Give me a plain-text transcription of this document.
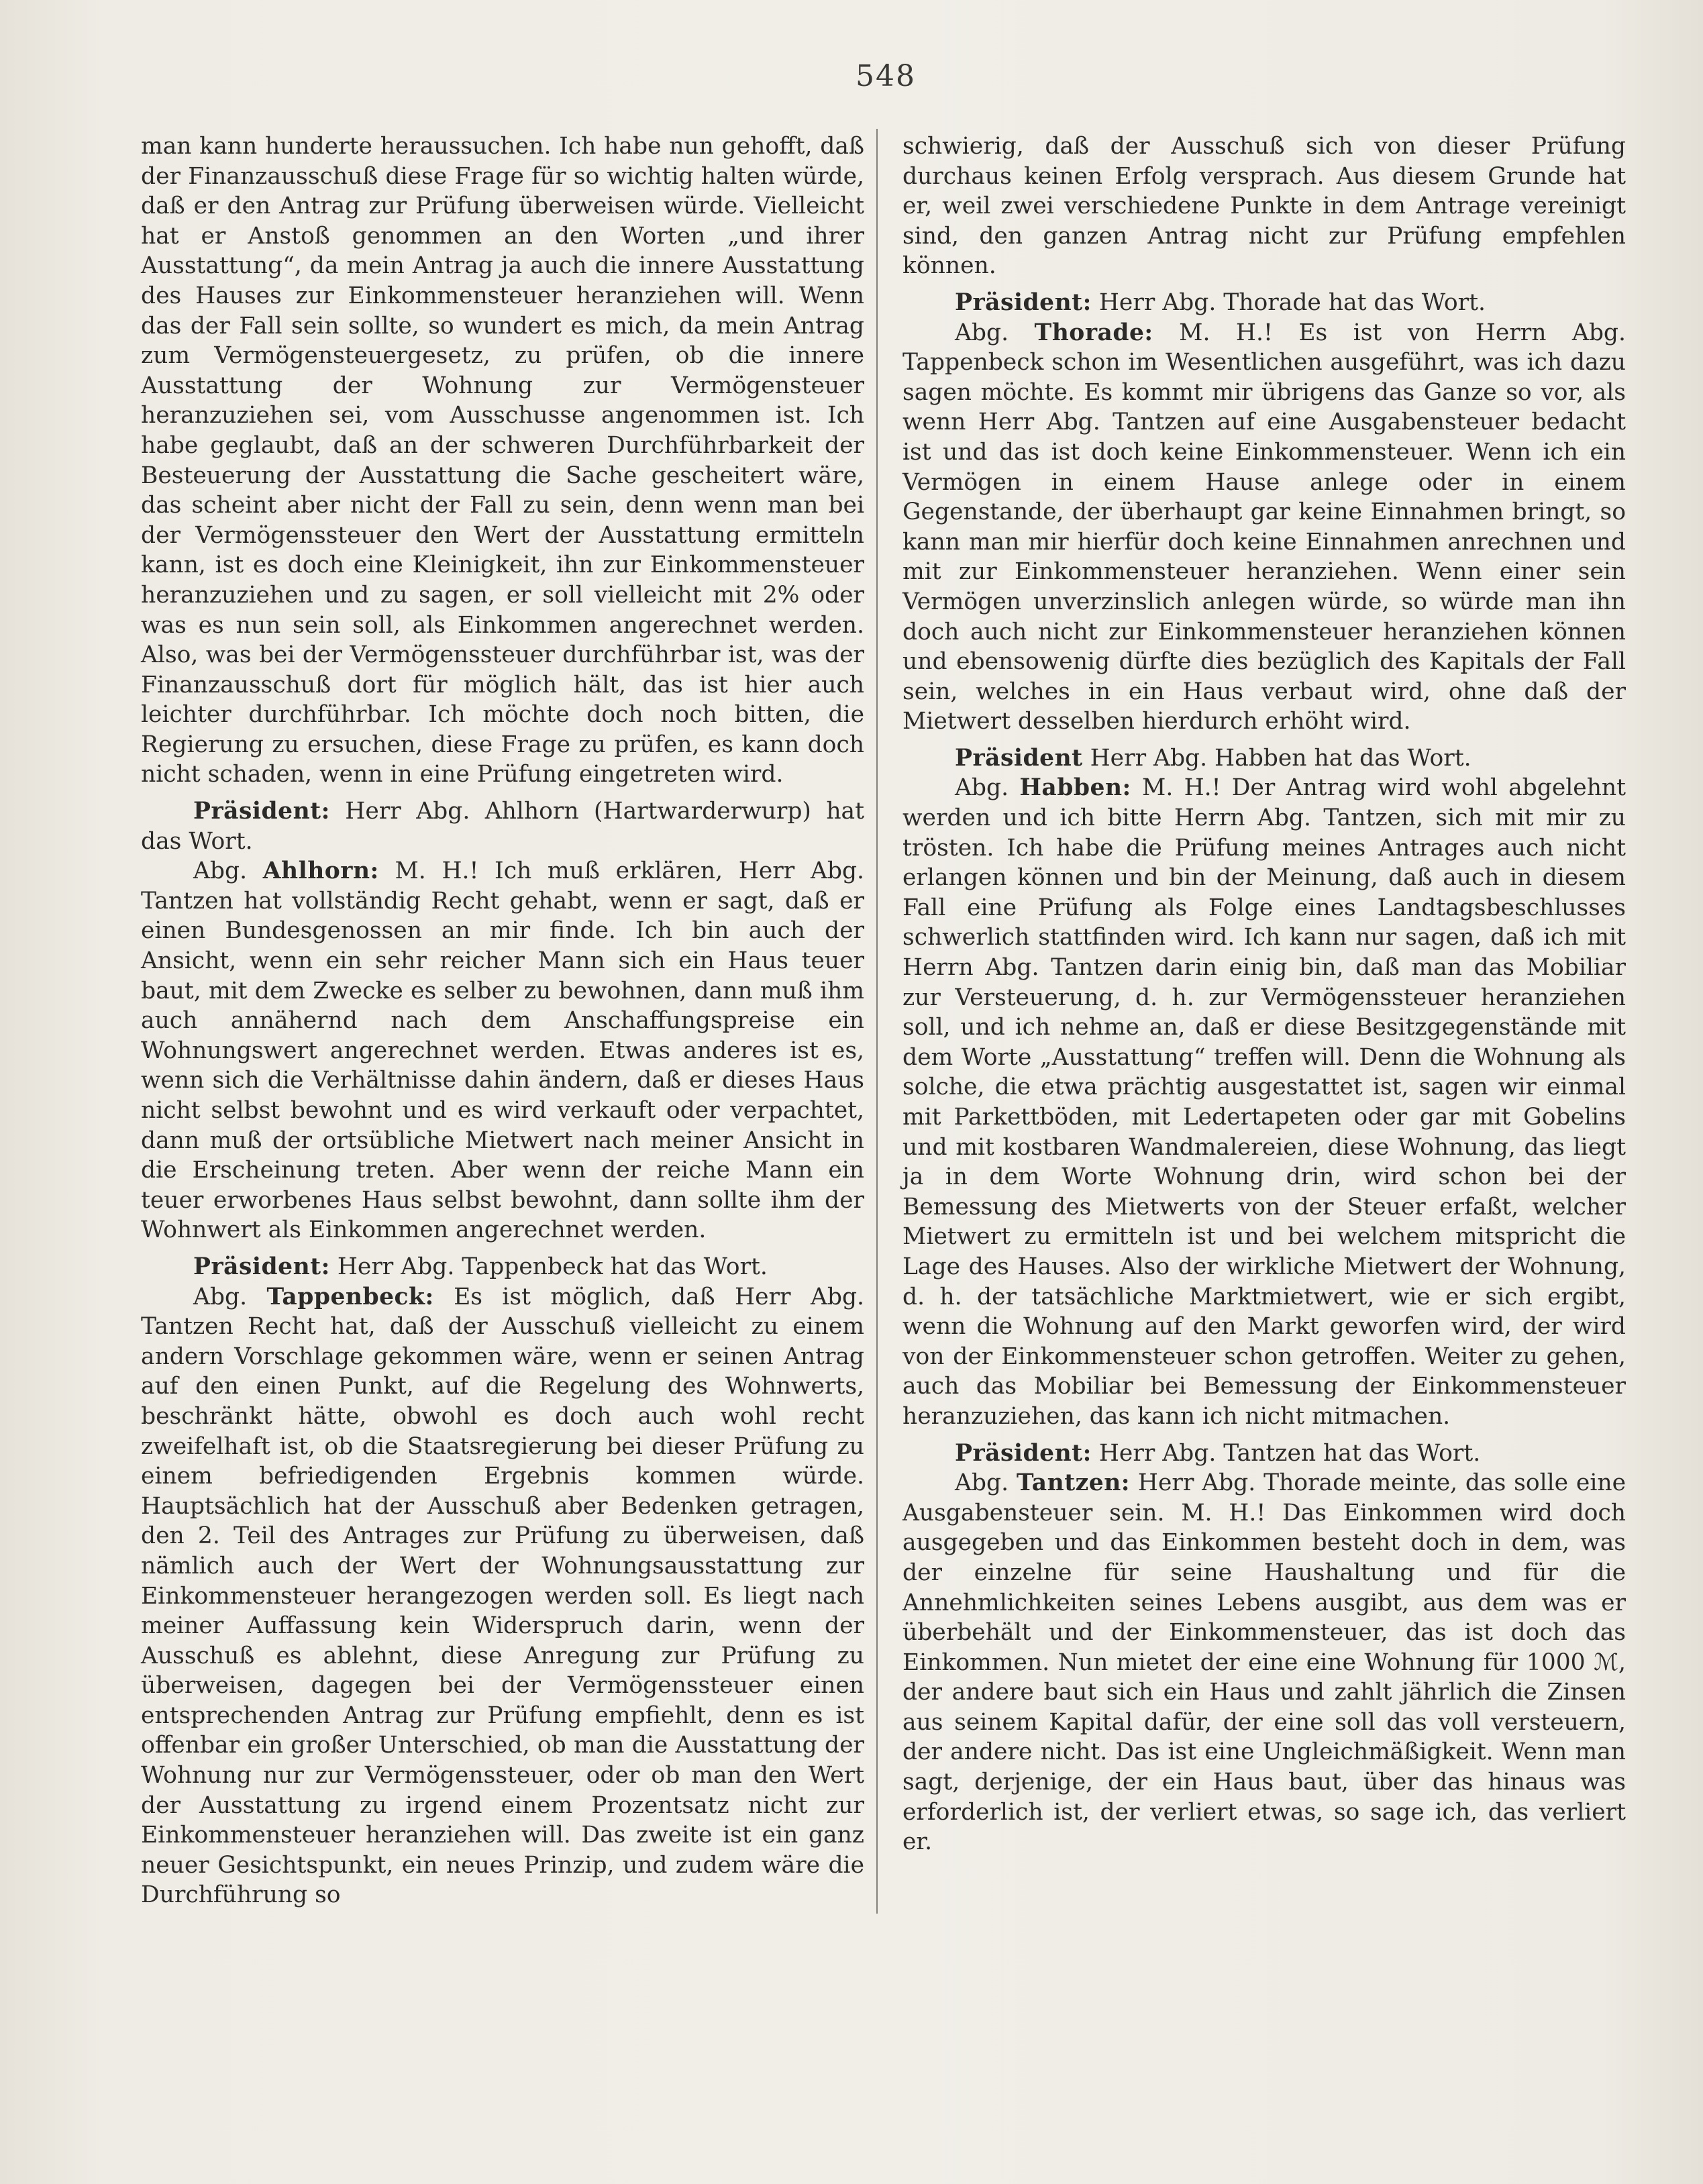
548

man kann hunderte heraussuchen. Ich habe nun gehofft, daß der Finanzausschuß diese Frage für so wichtig halten würde, daß er den Antrag zur Prüfung überweisen würde. Vielleicht hat er Anstoß genommen an den Worten „und ihrer Ausstattung“, da mein Antrag ja auch die innere Ausstattung des Hauses zur Einkommensteuer heranziehen will. Wenn das der Fall sein sollte, so wundert es mich, da mein Antrag zum Vermögensteuergesetz, zu prüfen, ob die innere Ausstattung der Wohnung zur Vermögensteuer heranzuziehen sei, vom Ausschusse angenommen ist. Ich habe geglaubt, daß an der schweren Durchführbarkeit der Besteuerung der Ausstattung die Sache gescheitert wäre, das scheint aber nicht der Fall zu sein, denn wenn man bei der Vermögenssteuer den Wert der Ausstattung ermitteln kann, ist es doch eine Kleinigkeit, ihn zur Einkommensteuer heranzuziehen und zu sagen, er soll vielleicht mit 2% oder was es nun sein soll, als Einkommen angerechnet werden. Also, was bei der Vermögenssteuer durchführbar ist, was der Finanzausschuß dort für möglich hält, das ist hier auch leichter durchführbar. Ich möchte doch noch bitten, die Regierung zu ersuchen, diese Frage zu prüfen, es kann doch nicht schaden, wenn in eine Prüfung eingetreten wird.

Präsident: Herr Abg. Ahlhorn (Hartwarderwurp) hat das Wort.

Abg. Ahlhorn: M. H.! Ich muß erklären, Herr Abg. Tantzen hat vollständig Recht gehabt, wenn er sagt, daß er einen Bundesgenossen an mir finde. Ich bin auch der Ansicht, wenn ein sehr reicher Mann sich ein Haus teuer baut, mit dem Zwecke es selber zu bewohnen, dann muß ihm auch annähernd nach dem Anschaffungspreise ein Wohnungswert angerechnet werden. Etwas anderes ist es, wenn sich die Verhältnisse dahin ändern, daß er dieses Haus nicht selbst bewohnt und es wird verkauft oder verpachtet, dann muß der ortsübliche Mietwert nach meiner Ansicht in die Erscheinung treten. Aber wenn der reiche Mann ein teuer erworbenes Haus selbst bewohnt, dann sollte ihm der Wohnwert als Einkommen angerechnet werden.

Präsident: Herr Abg. Tappenbeck hat das Wort.

Abg. Tappenbeck: Es ist möglich, daß Herr Abg. Tantzen Recht hat, daß der Ausschuß vielleicht zu einem andern Vorschlage gekommen wäre, wenn er seinen Antrag auf den einen Punkt, auf die Regelung des Wohnwerts, beschränkt hätte, obwohl es doch auch wohl recht zweifelhaft ist, ob die Staatsregierung bei dieser Prüfung zu einem befriedigenden Ergebnis kommen würde. Hauptsächlich hat der Ausschuß aber Bedenken getragen, den 2. Teil des Antrages zur Prüfung zu überweisen, daß nämlich auch der Wert der Wohnungsausstattung zur Einkommensteuer herangezogen werden soll. Es liegt nach meiner Auffassung kein Widerspruch darin, wenn der Ausschuß es ablehnt, diese Anregung zur Prüfung zu überweisen, dagegen bei der Vermögenssteuer einen entsprechenden Antrag zur Prüfung empfiehlt, denn es ist offenbar ein großer Unterschied, ob man die Ausstattung der Wohnung nur zur Vermögenssteuer, oder ob man den Wert der Ausstattung zu irgend einem Prozentsatz nicht zur Einkommensteuer heranziehen will. Das zweite ist ein ganz neuer Gesichtspunkt, ein neues Prinzip, und zudem wäre die Durchführung so

schwierig, daß der Ausschuß sich von dieser Prüfung durchaus keinen Erfolg versprach. Aus diesem Grunde hat er, weil zwei verschiedene Punkte in dem Antrage vereinigt sind, den ganzen Antrag nicht zur Prüfung empfehlen können.

Präsident: Herr Abg. Thorade hat das Wort.

Abg. Thorade: M. H.! Es ist von Herrn Abg. Tappenbeck schon im Wesentlichen ausgeführt, was ich dazu sagen möchte. Es kommt mir übrigens das Ganze so vor, als wenn Herr Abg. Tantzen auf eine Ausgabensteuer bedacht ist und das ist doch keine Einkommensteuer. Wenn ich ein Vermögen in einem Hause anlege oder in einem Gegenstande, der überhaupt gar keine Einnahmen bringt, so kann man mir hierfür doch keine Einnahmen anrechnen und mit zur Einkommensteuer heranziehen. Wenn einer sein Vermögen unverzinslich anlegen würde, so würde man ihn doch auch nicht zur Einkommensteuer heranziehen können und ebensowenig dürfte dies bezüglich des Kapitals der Fall sein, welches in ein Haus verbaut wird, ohne daß der Mietwert desselben hierdurch erhöht wird.

Präsident Herr Abg. Habben hat das Wort.

Abg. Habben: M. H.! Der Antrag wird wohl abgelehnt werden und ich bitte Herrn Abg. Tantzen, sich mit mir zu trösten. Ich habe die Prüfung meines Antrages auch nicht erlangen können und bin der Meinung, daß auch in diesem Fall eine Prüfung als Folge eines Landtagsbeschlusses schwerlich stattfinden wird. Ich kann nur sagen, daß ich mit Herrn Abg. Tantzen darin einig bin, daß man das Mobiliar zur Versteuerung, d. h. zur Vermögenssteuer heranziehen soll, und ich nehme an, daß er diese Besitzgegenstände mit dem Worte „Ausstattung“ treffen will. Denn die Wohnung als solche, die etwa prächtig ausgestattet ist, sagen wir einmal mit Parkettböden, mit Ledertapeten oder gar mit Gobelins und mit kostbaren Wandmalereien, diese Wohnung, das liegt ja in dem Worte Wohnung drin, wird schon bei der Bemessung des Mietwerts von der Steuer erfaßt, welcher Mietwert zu ermitteln ist und bei welchem mitspricht die Lage des Hauses. Also der wirkliche Mietwert der Wohnung, d. h. der tatsächliche Marktmietwert, wie er sich ergibt, wenn die Wohnung auf den Markt geworfen wird, der wird von der Einkommensteuer schon getroffen. Weiter zu gehen, auch das Mobiliar bei Bemessung der Einkommensteuer heranzuziehen, das kann ich nicht mitmachen.

Präsident: Herr Abg. Tantzen hat das Wort.

Abg. Tantzen: Herr Abg. Thorade meinte, das solle eine Ausgabensteuer sein. M. H.! Das Einkommen wird doch ausgegeben und das Einkommen besteht doch in dem, was der einzelne für seine Haushaltung und für die Annehmlichkeiten seines Lebens ausgibt, aus dem was er überbehält und der Einkommensteuer, das ist doch das Einkommen. Nun mietet der eine eine Wohnung für 1000 ℳ, der andere baut sich ein Haus und zahlt jährlich die Zinsen aus seinem Kapital dafür, der eine soll das voll versteuern, der andere nicht. Das ist eine Ungleichmäßigkeit. Wenn man sagt, derjenige, der ein Haus baut, über das hinaus was erforderlich ist, der verliert etwas, so sage ich, das verliert er.
